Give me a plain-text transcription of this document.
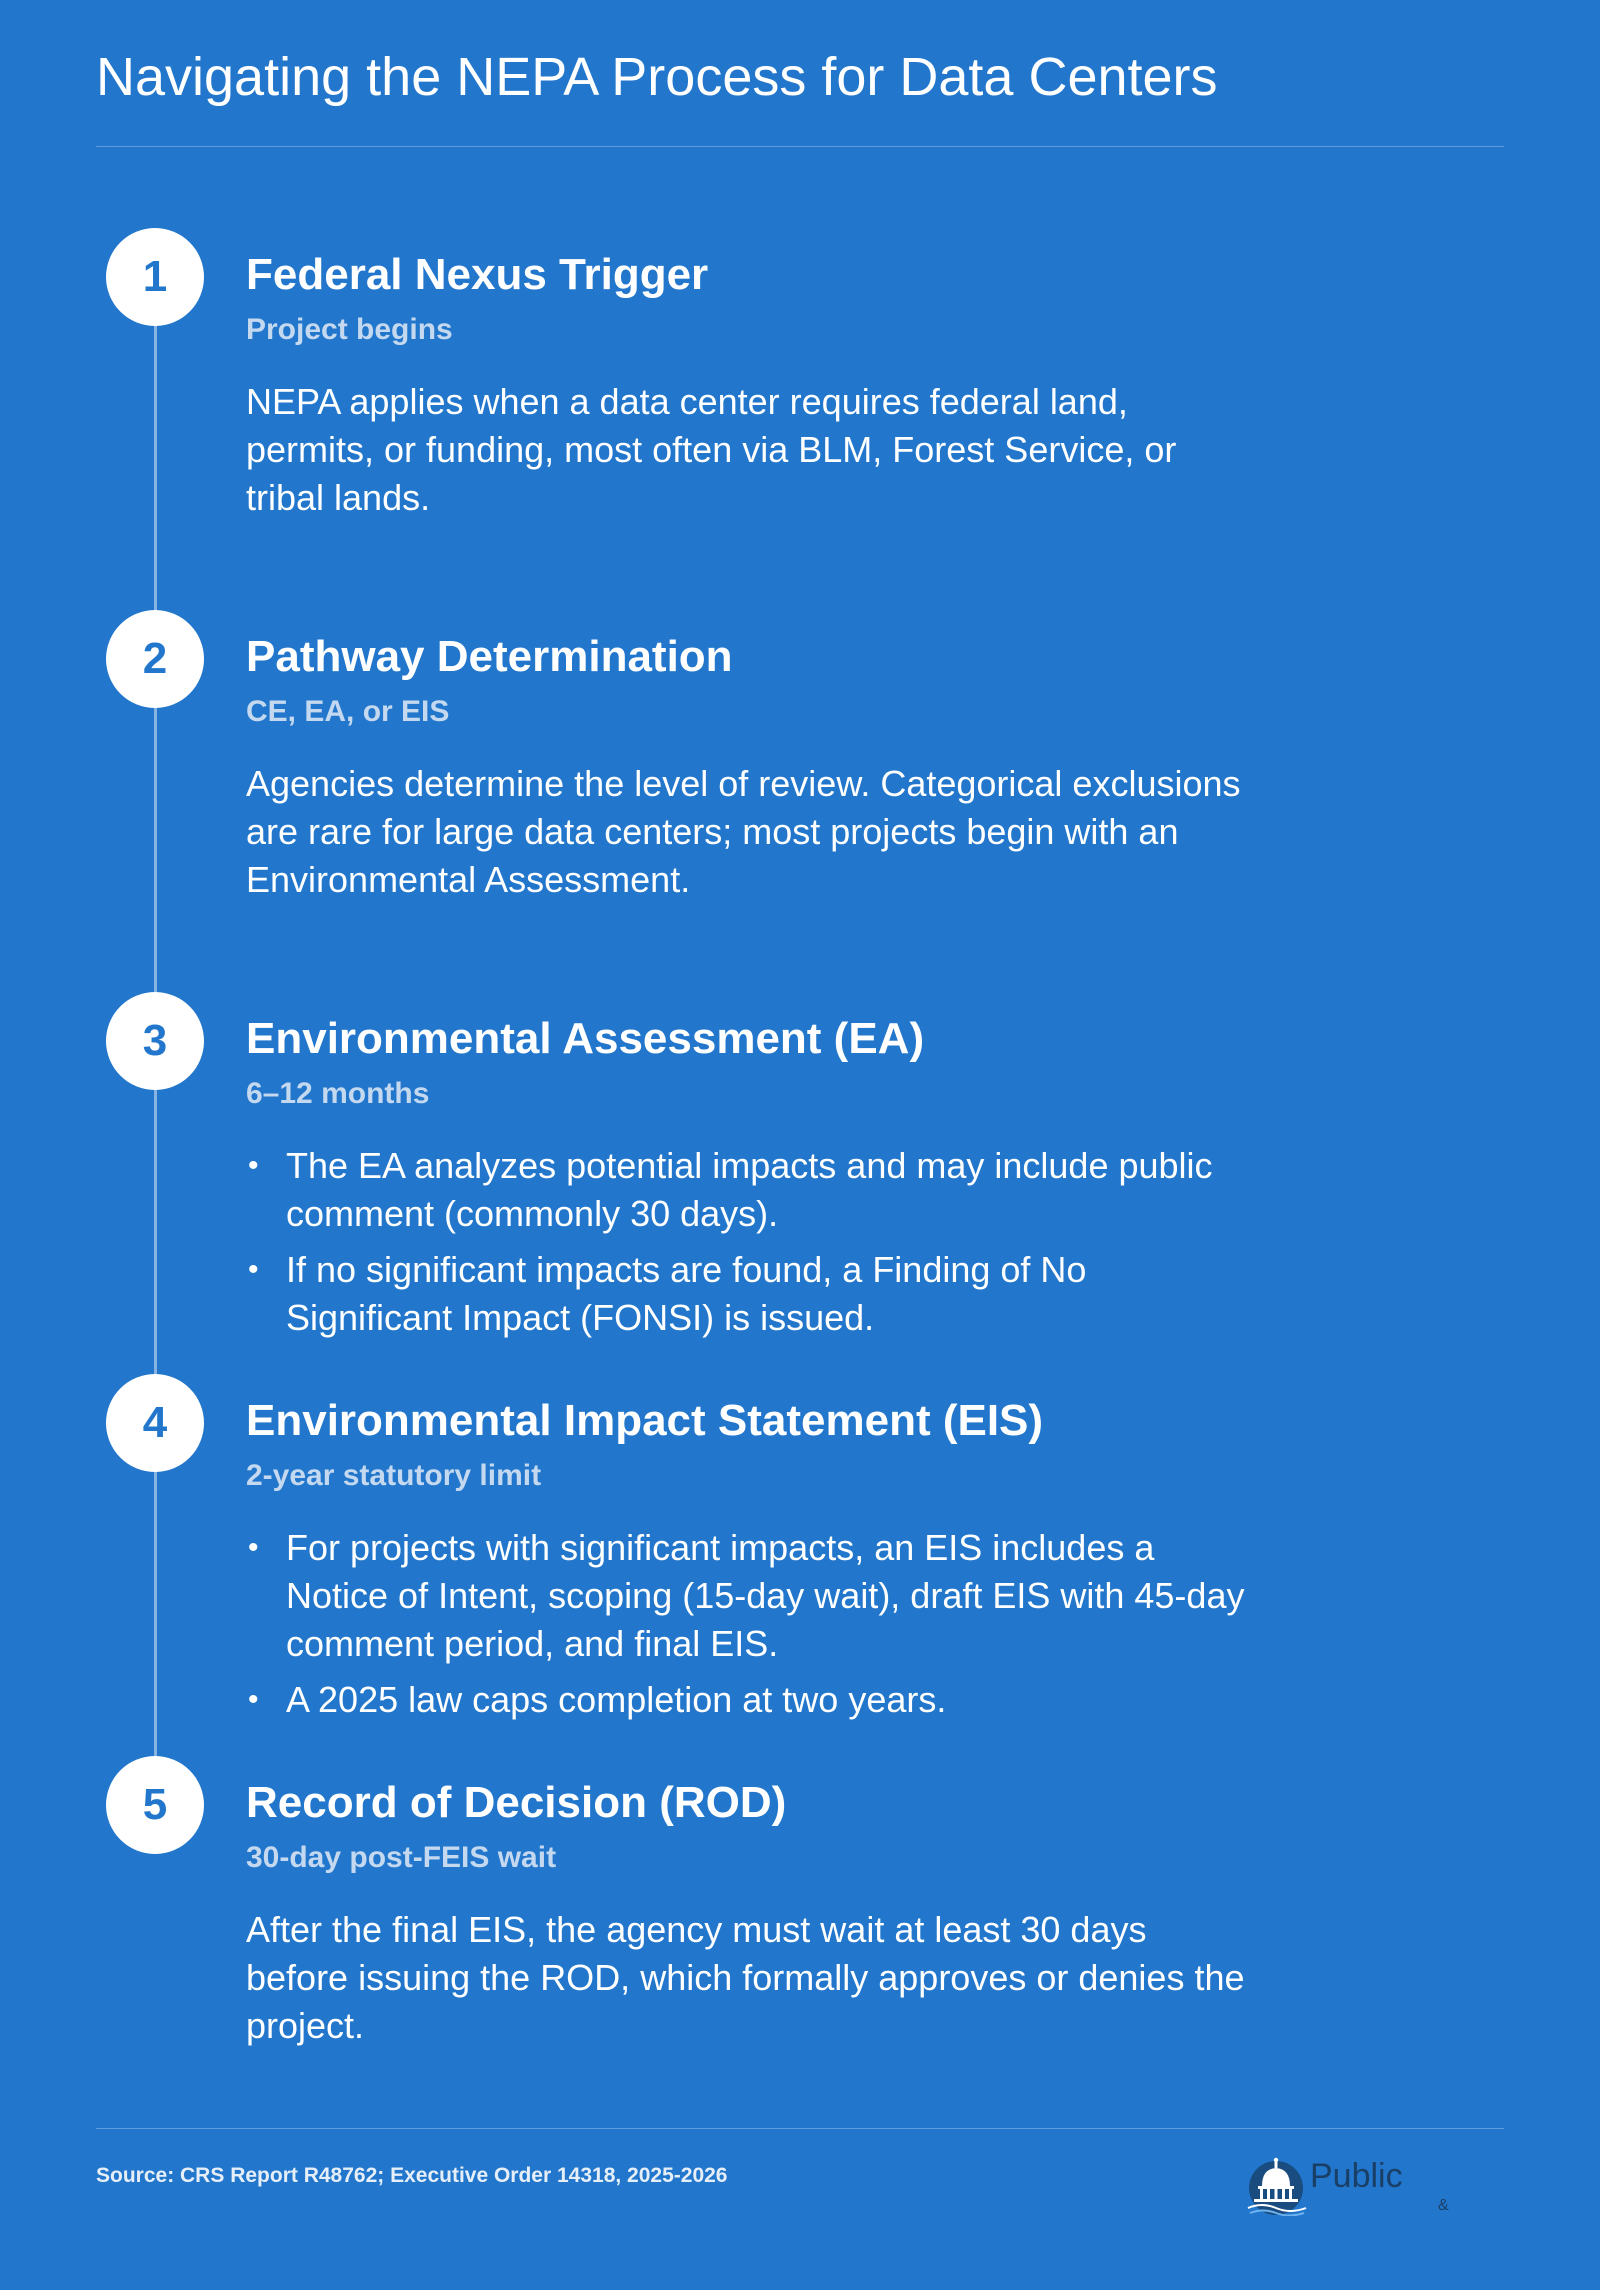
Navigating the NEPA Process for Data Centers
1	Federal Nexus Trigger
Project begins

NEPA applies when a data center requires federal land, permits, or funding, most often via BLM, Forest Service, or tribal lands.

2	Pathway Determination
CE, EA, or EIS

Agencies determine the level of review. Categorical exclusions are rare for large data centers; most projects begin with an Environmental Assessment.

3	Environmental Assessment (EA)
6–12 months
• The EA analyzes potential impacts and may include public comment (commonly 30 days).
• If no significant impacts are found, a Finding of No Significant Impact (FONSI) is issued.
4	Environmental Impact Statement (EIS)
2-year statutory limit
• For projects with significant impacts, an EIS includes a Notice of Intent, scoping (15-day wait), draft EIS with 45-day comment period, and final EIS.
• A 2025 law caps completion at two years.
5	Record of Decision (ROD)
30-day post-FEIS wait

After the final EIS, the agency must wait at least 30 days before issuing the ROD, which formally approves or denies the project.

Source: CRS Report R48762; Executive Order 14318, 2025-2026	Public
&
